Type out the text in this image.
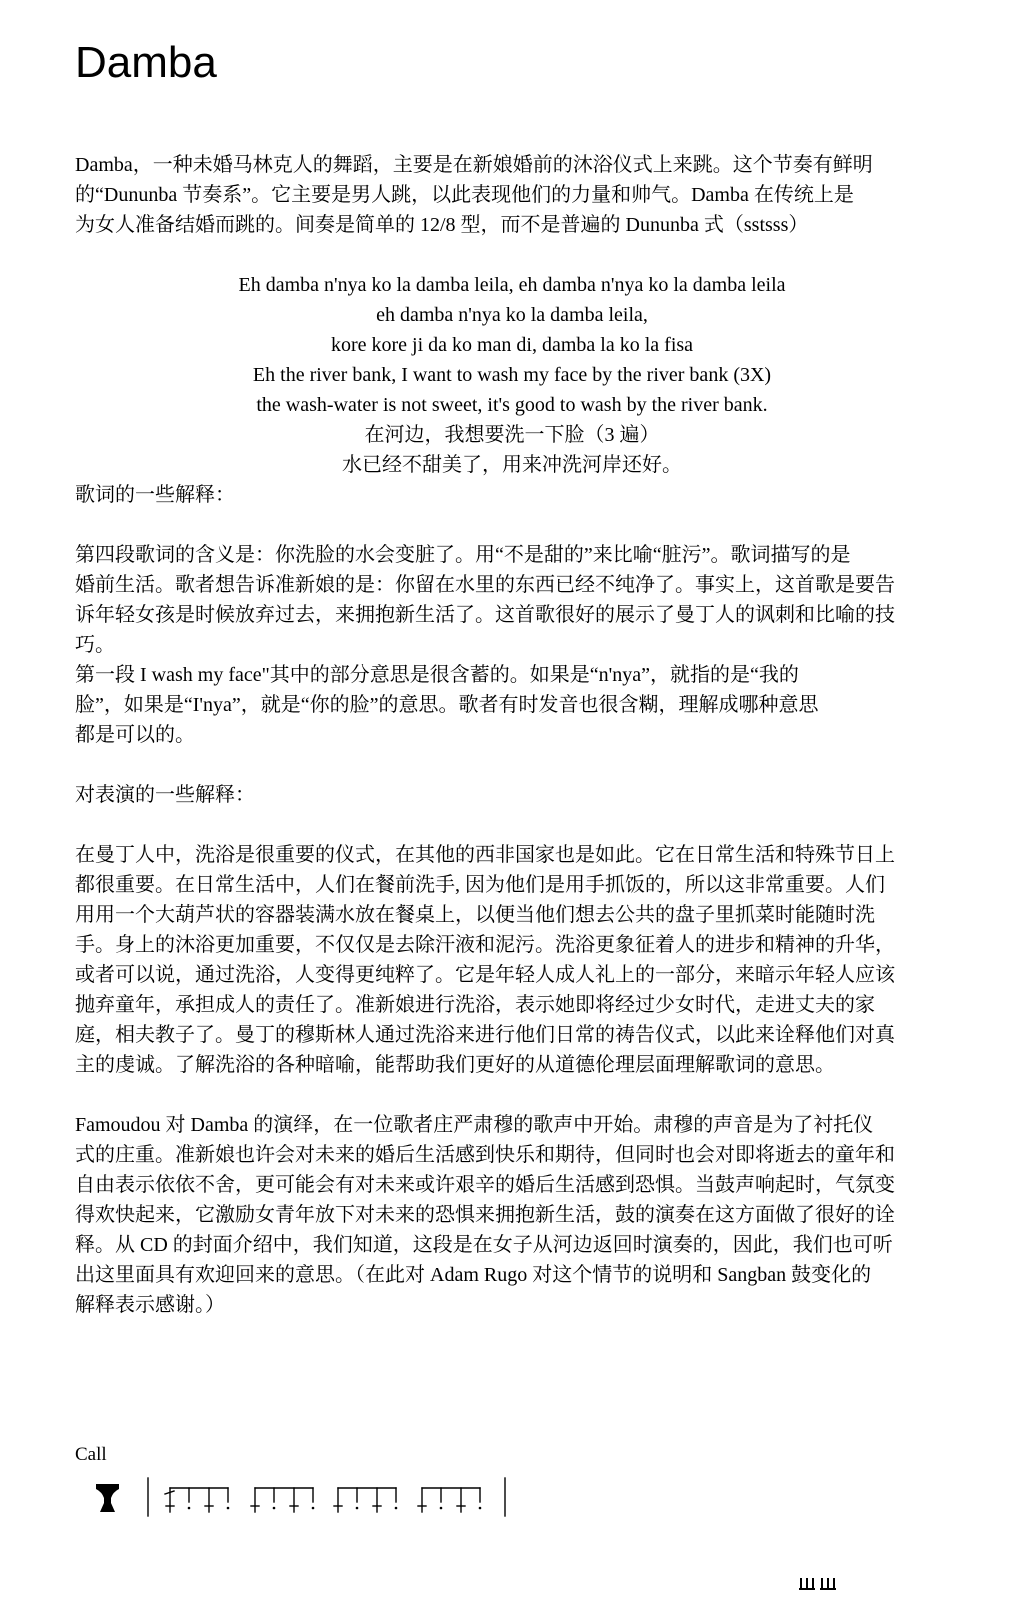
Damba
Damba，一种未婚马林克人的舞蹈，主要是在新娘婚前的沐浴仪式上来跳。这个节奏有鲜明
的“Dununba 节奏系”。它主要是男人跳，以此表现他们的力量和帅气。Damba 在传统上是
为女人准备结婚而跳的。间奏是简单的 12/8 型，而不是普遍的 Dununba 式（sstsss）
Eh damba n'nya ko la damba leila, eh damba n'nya ko la damba leila
eh damba n'nya ko la damba leila,
kore kore ji da ko man di, damba la ko la fisa
Eh the river bank, I want to wash my face by the river bank (3X)
the wash-water is not sweet, it's good to wash by the river bank.
在河边，我想要洗一下脸（3 遍）
水已经不甜美了，用来冲洗河岸还好。
歌词的一些解释：
第四段歌词的含义是：你洗脸的水会变脏了。用“不是甜的”来比喻“脏污”。歌词描写的是
婚前生活。歌者想告诉准新娘的是：你留在水里的东西已经不纯净了。事实上，这首歌是要告
诉年轻女孩是时候放弃过去，来拥抱新生活了。这首歌很好的展示了曼丁人的讽刺和比喻的技
巧。
第一段 I wash my face"其中的部分意思是很含蓄的。如果是“n'nya”，就指的是“我的
脸”，如果是“I'nya”，就是“你的脸”的意思。歌者有时发音也很含糊，理解成哪种意思
都是可以的。
对表演的一些解释：
在曼丁人中，洗浴是很重要的仪式，在其他的西非国家也是如此。它在日常生活和特殊节日上
都很重要。在日常生活中，人们在餐前洗手, 因为他们是用手抓饭的，所以这非常重要。人们
用用一个大葫芦状的容器装满水放在餐桌上，以便当他们想去公共的盘子里抓菜时能随时洗
手。身上的沐浴更加重要，不仅仅是去除汗液和泥污。洗浴更象征着人的进步和精神的升华，
或者可以说，通过洗浴，人变得更纯粹了。它是年轻人成人礼上的一部分，来暗示年轻人应该
抛弃童年，承担成人的责任了。准新娘进行洗浴，表示她即将经过少女时代，走进丈夫的家
庭，相夫教子了。曼丁的穆斯林人通过洗浴来进行他们日常的祷告仪式，以此来诠释他们对真
主的虔诚。了解洗浴的各种暗喻，能帮助我们更好的从道德伦理层面理解歌词的意思。
Famoudou 对 Damba 的演绎，在一位歌者庄严肃穆的歌声中开始。肃穆的声音是为了衬托仪
式的庄重。准新娘也许会对未来的婚后生活感到快乐和期待，但同时也会对即将逝去的童年和
自由表示依依不舍，更可能会有对未来或许艰辛的婚后生活感到恐惧。当鼓声响起时，气氛变
得欢快起来，它激励女青年放下对未来的恐惧来拥抱新生活，鼓的演奏在这方面做了很好的诠
释。从 CD 的封面介绍中，我们知道，这段是在女子从河边返回时演奏的，因此，我们也可听
出这里面具有欢迎回来的意思。（在此对 Adam Rugo 对这个情节的说明和 Sangban 鼓变化的
解释表示感谢。）
Call
